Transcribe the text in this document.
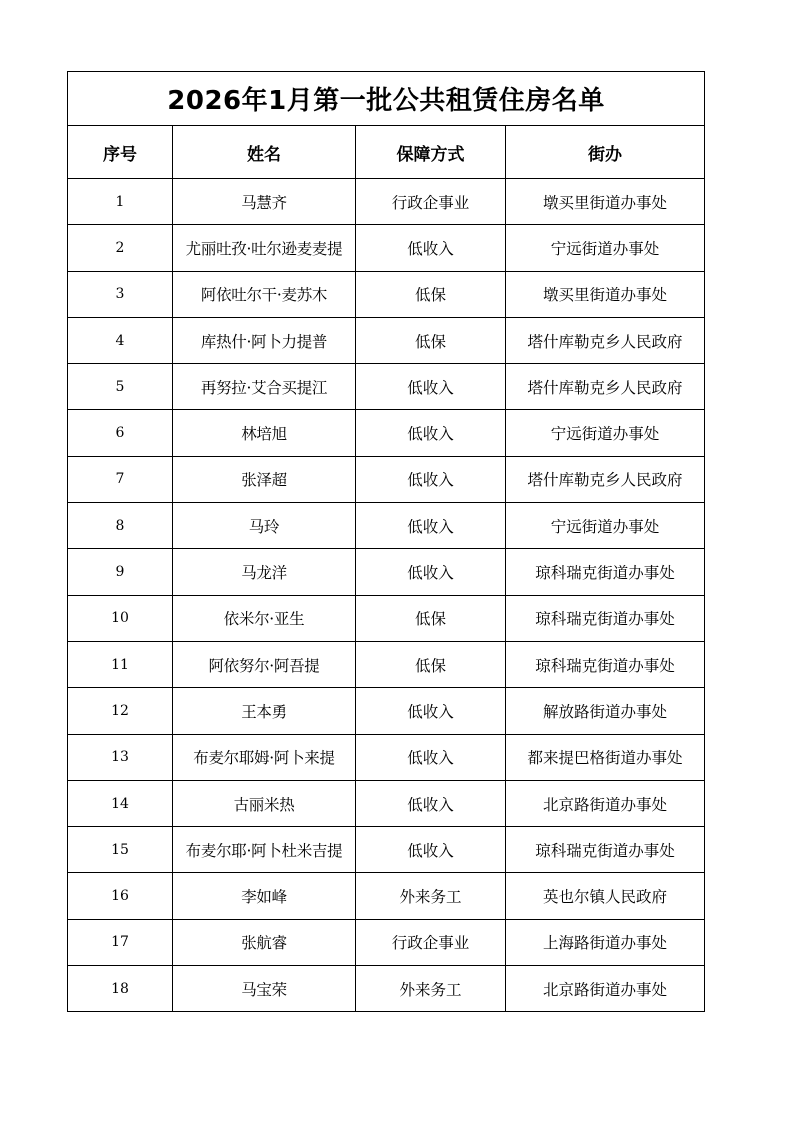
2026年1月第一批公共租赁住房名单			
序号	姓名	保障方式	街办
1	马慧齐	行政企事业	墩买里街道办事处
2	尤丽吐孜·吐尔逊麦麦提	低收入	宁远街道办事处
3	阿依吐尔干·麦苏木	低保	墩买里街道办事处
4	库热什·阿卜力提普	低保	塔什库勒克乡人民政府
5	再努拉·艾合买提江	低收入	塔什库勒克乡人民政府
6	林培旭	低收入	宁远街道办事处
7	张泽超	低收入	塔什库勒克乡人民政府
8	马玲	低收入	宁远街道办事处
9	马龙洋	低收入	琼科瑞克街道办事处
10	依米尔·亚生	低保	琼科瑞克街道办事处
11	阿依努尔·阿吾提	低保	琼科瑞克街道办事处
12	王本勇	低收入	解放路街道办事处
13	布麦尔耶姆·阿卜来提	低收入	都来提巴格街道办事处
14	古丽米热	低收入	北京路街道办事处
15	布麦尔耶·阿卜杜米吉提	低收入	琼科瑞克街道办事处
16	李如峰	外来务工	英也尔镇人民政府
17	张航睿	行政企事业	上海路街道办事处
18	马宝荣	外来务工	北京路街道办事处
